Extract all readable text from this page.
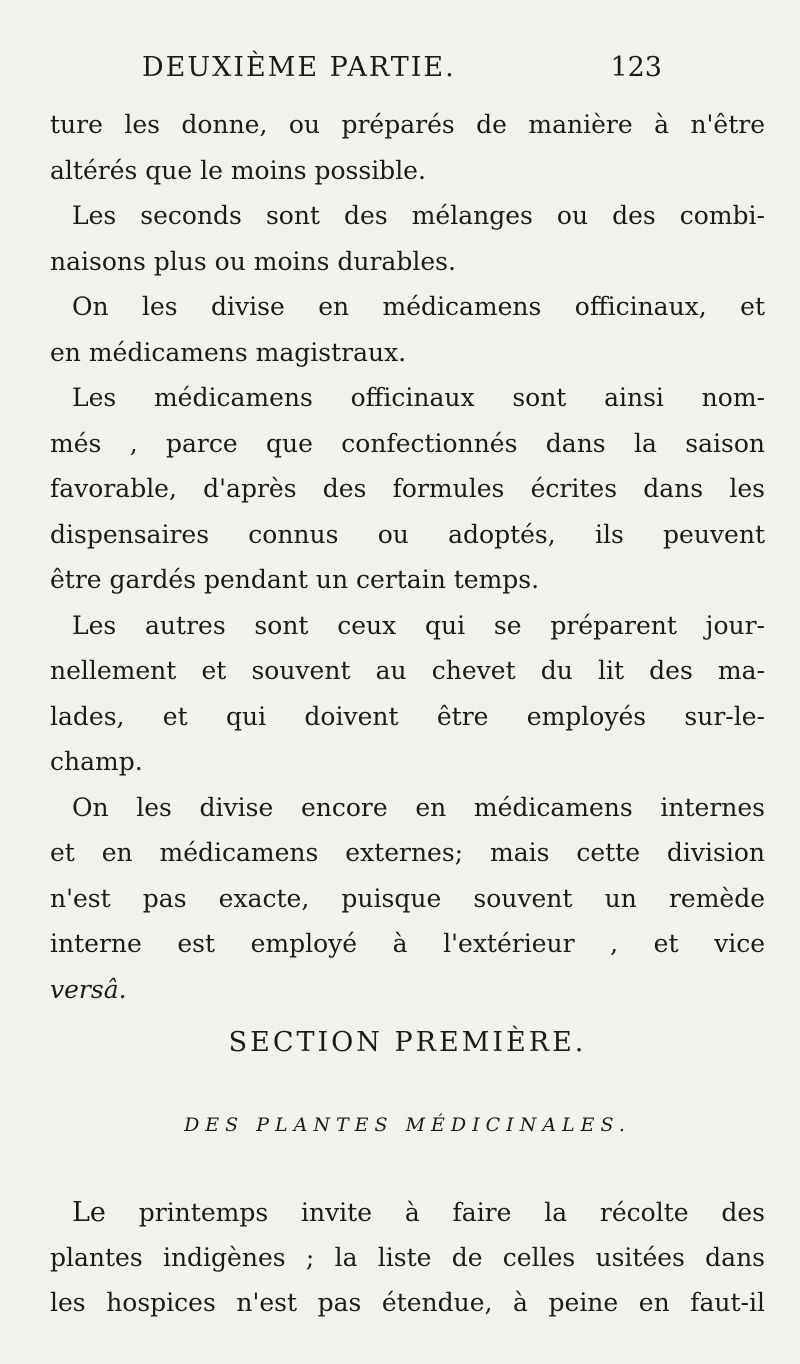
DEUXIÈME PARTIE.	123
ture les donne, ou préparés de manière à n'être
altérés que le moins possible.
Les seconds sont des mélanges ou des combi-
naisons plus ou moins durables.
On les divise en médicamens officinaux, et
en médicamens magistraux.
Les médicamens officinaux sont ainsi nom-
més , parce que confectionnés dans la saison
favorable, d'après des formules écrites dans les
dispensaires connus ou adoptés, ils peuvent
être gardés pendant un certain temps.
Les autres sont ceux qui se préparent jour-
nellement et souvent au chevet du lit des ma-
lades, et qui doivent être employés sur-le-
champ.
On les divise encore en médicamens internes
et en médicamens externes; mais cette division
n'est pas exacte, puisque souvent un remède
interne est employé à l'extérieur , et vice
versâ.
SECTION PREMIÈRE.
DES PLANTES MÉDICINALES.
Le printemps invite à faire la récolte des
plantes indigènes ; la liste de celles usitées dans
les hospices n'est pas étendue, à peine en faut-il
